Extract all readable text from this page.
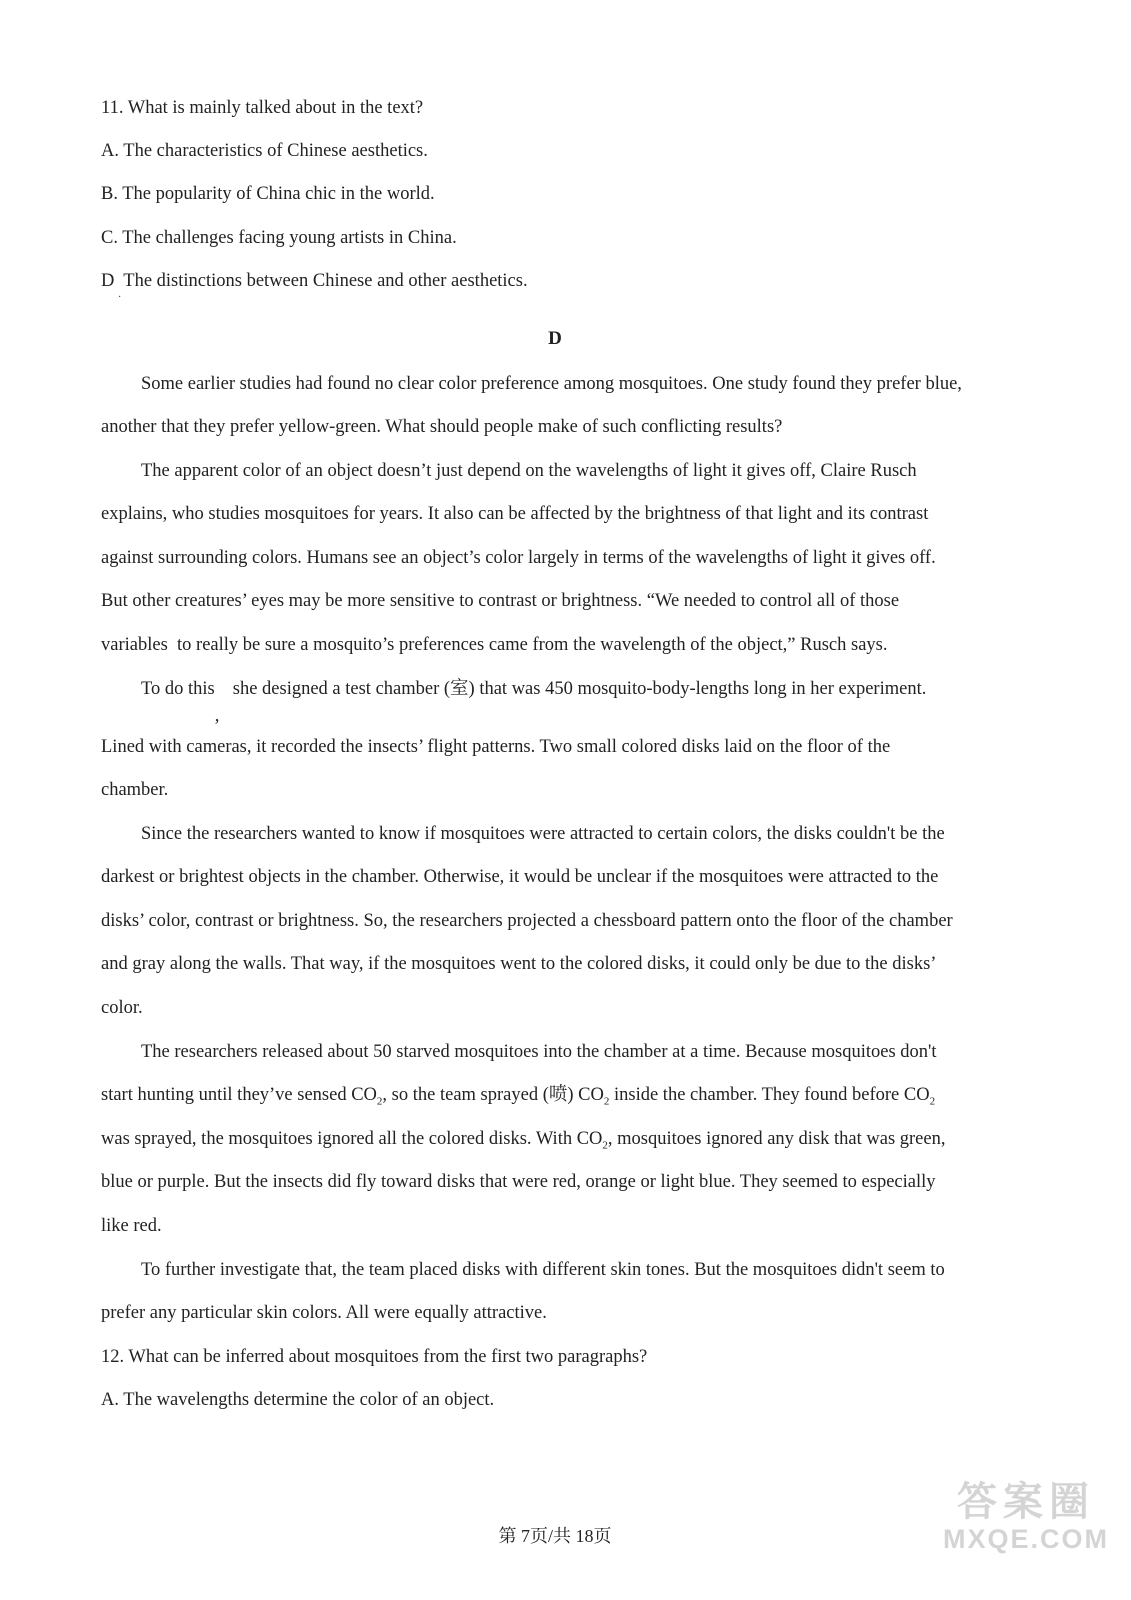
11. What is mainly talked about in the text?
A. The characteristics of Chinese aesthetics.
B. The popularity of China chic in the world.
C. The challenges facing young artists in China.
D  The distinctions between Chinese and other aesthetics.
·
D
Some earlier studies had found no clear color preference among mosquitoes. One study found they prefer blue,
another that they prefer yellow-green. What should people make of such conflicting results?
The apparent color of an object doesn’t just depend on the wavelengths of light it gives off, Claire Rusch
explains, who studies mosquitoes for years. It also can be affected by the brightness of that light and its contrast
against surrounding colors. Humans see an object’s color largely in terms of the wavelengths of light it gives off.
But other creatures’ eyes may be more sensitive to contrast or brightness. “We needed to control all of those
variables  to really be sure a mosquito’s preferences came from the wavelength of the object,” Rusch says.
To do this
,
she designed a test chamber (室) that was 450 mosquito-body-lengths long in her experiment.
Lined with cameras, it recorded the insects’ flight patterns. Two small colored disks laid on the floor of the
chamber.
Since the researchers wanted to know if mosquitoes were attracted to certain colors, the disks couldn't be the
darkest or brightest objects in the chamber. Otherwise, it would be unclear if the mosquitoes were attracted to the
disks’ color, contrast or brightness. So, the researchers projected a chessboard pattern onto the floor of the chamber
and gray along the walls. That way, if the mosquitoes went to the colored disks, it could only be due to the disks’
color.
The researchers released about 50 starved mosquitoes into the chamber at a time. Because mosquitoes don't
start hunting until they’ve sensed $CO_2$, so the team sprayed (喷) $CO_2$ inside the chamber. They found before $CO_2$
was sprayed, the mosquitoes ignored all the colored disks. With $CO_2$, mosquitoes ignored any disk that was green,
blue or purple. But the insects did fly toward disks that were red, orange or light blue. They seemed to especially
like red.
To further investigate that, the team placed disks with different skin tones. But the mosquitoes didn't seem to
prefer any particular skin colors. All were equally attractive.
12. What can be inferred about mosquitoes from the first two paragraphs?
A. The wavelengths determine the color of an object.
第 7页/共 18页
答案圈
MXQE.COM
